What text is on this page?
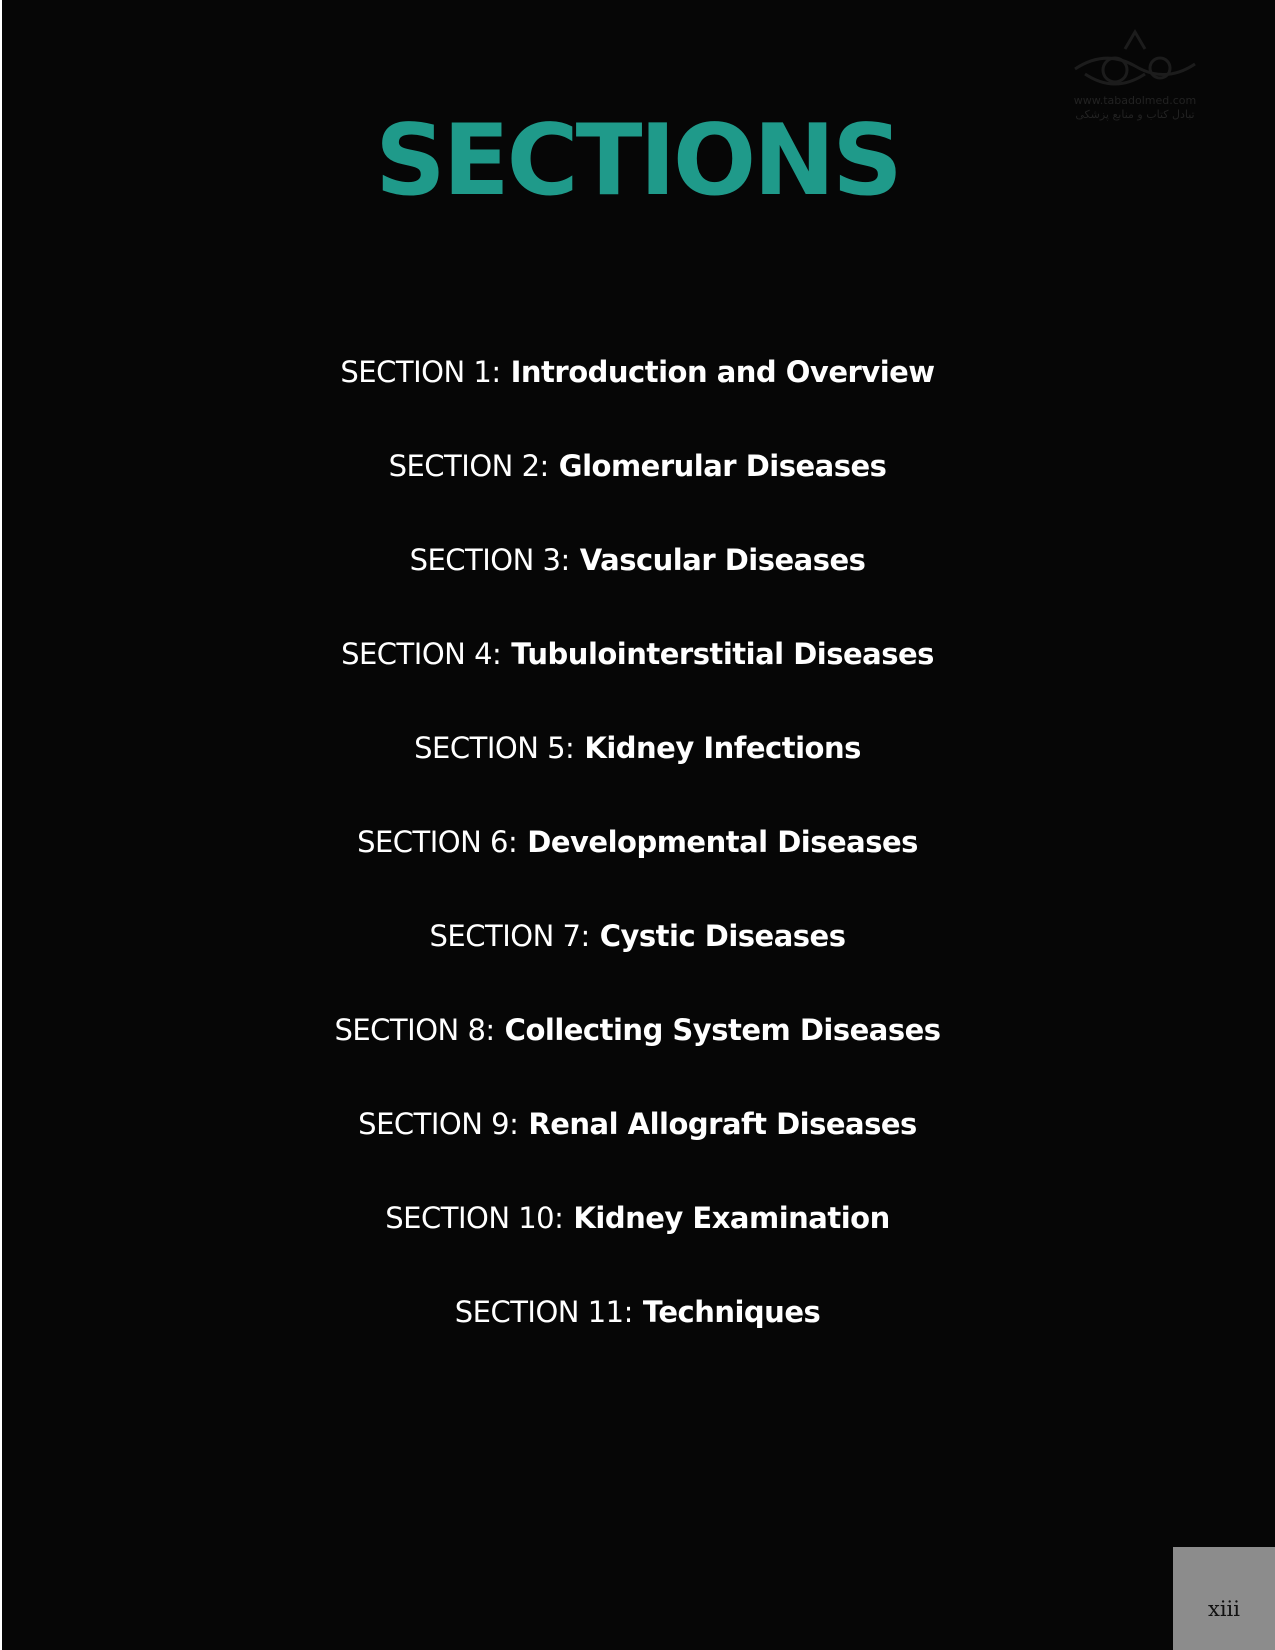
www.tabadolmed.com
تبادل کتاب و منابع پزشکی
SECTIONS
SECTION 1: Introduction and Overview
SECTION 2: Glomerular Diseases
SECTION 3: Vascular Diseases
SECTION 4: Tubulointerstitial Diseases
SECTION 5: Kidney Infections
SECTION 6: Developmental Diseases
SECTION 7: Cystic Diseases
SECTION 8: Collecting System Diseases
SECTION 9: Renal Allograft Diseases
SECTION 10: Kidney Examination
SECTION 11: Techniques
xiii
